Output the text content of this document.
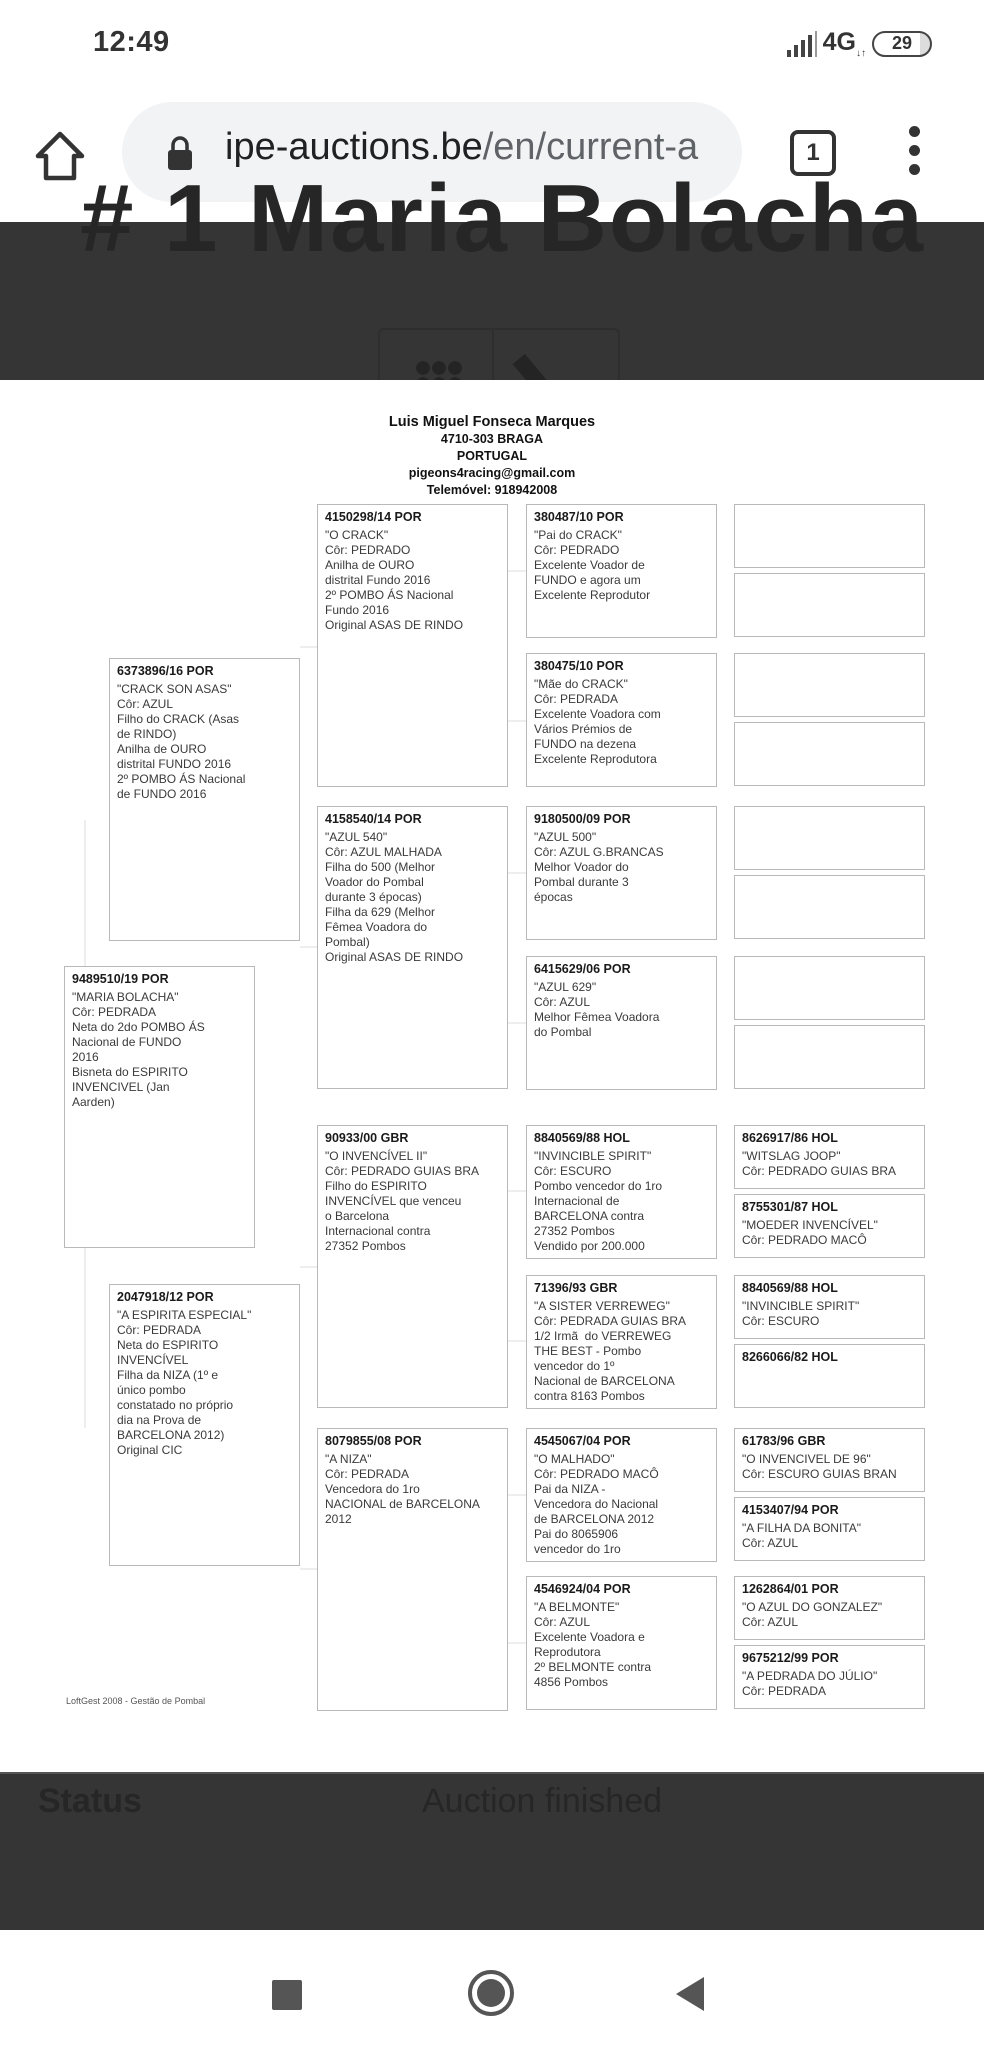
12:49	$4G_{↓↑}$
29
ipe-auctions.be/en/current-a	1
# 1 Maria Bolacha
Luis Miguel Fonseca Marques
4710-303 BRAGA
PORTUGAL
pigeons4racing@gmail.com
Telemóvel: 918942008
9489510/19 POR
"MARIA BOLACHA"
Côr: PEDRADA
Neta do 2do POMBO ÁS
Nacional de FUNDO
2016
Bisneta do ESPIRITO
INVENCIVEL (Jan
Aarden)
6373896/16 POR
"CRACK SON ASAS"
Côr: AZUL
Filho do CRACK (Asas
de RINDO)
Anilha de OURO
distrital FUNDO 2016
2º POMBO ÁS Nacional
de FUNDO 2016
2047918/12 POR
"A ESPIRITA ESPECIAL"
Côr: PEDRADA
Neta do ESPIRITO
INVENCÍVEL
Filha da NIZA (1º e
único pombo
constatado no próprio
dia na Prova de
BARCELONA 2012)
Original CIC
4150298/14 POR
"O CRACK"
Côr: PEDRADO
Anilha de OURO
distrital Fundo 2016
2º POMBO ÁS Nacional
Fundo 2016
Original ASAS DE RINDO
4158540/14 POR
"AZUL 540"
Côr: AZUL MALHADA
Filha do 500 (Melhor
Voador do Pombal
durante 3 épocas)
Filha da 629 (Melhor
Fêmea Voadora do
Pombal)
Original ASAS DE RINDO
90933/00 GBR
"O INVENCÍVEL II"
Côr: PEDRADO GUIAS BRA
Filho do ESPIRITO
INVENCÍVEL que venceu
o Barcelona
Internacional contra
27352 Pombos
8079855/08 POR
"A NIZA"
Côr: PEDRADA
Vencedora do 1ro
NACIONAL de BARCELONA
2012
380487/10 POR
"Pai do CRACK"
Côr: PEDRADO
Excelente Voador de
FUNDO e agora um
Excelente Reprodutor
380475/10 POR
"Mãe do CRACK"
Côr: PEDRADA
Excelente Voadora com
Vários Prémios de
FUNDO na dezena
Excelente Reprodutora
9180500/09 POR
"AZUL 500"
Côr: AZUL G.BRANCAS
Melhor Voador do
Pombal durante 3
épocas
6415629/06 POR
"AZUL 629"
Côr: AZUL
Melhor Fêmea Voadora
do Pombal
8840569/88 HOL
"INVINCIBLE SPIRIT"
Côr: ESCURO
Pombo vencedor do 1ro
Internacional de
BARCELONA contra
27352 Pombos
Vendido por 200.000
71396/93 GBR
"A SISTER VERREWEG"
Côr: PEDRADA GUIAS BRA
1/2 Irmã  do VERREWEG
THE BEST - Pombo
vencedor do 1º
Nacional de BARCELONA
contra 8163 Pombos
4545067/04 POR
"O MALHADO"
Côr: PEDRADO MACÔ
Pai da NIZA -
Vencedora do Nacional
de BARCELONA 2012
Pai do 8065906
vencedor do 1ro
4546924/04 POR
"A BELMONTE"
Côr: AZUL
Excelente Voadora e
Reprodutora
2º BELMONTE contra
4856 Pombos
8626917/86 HOL
"WITSLAG JOOP"
Côr: PEDRADO GUIAS BRA
8755301/87 HOL
"MOEDER INVENCÍVEL"
Côr: PEDRADO MACÔ
8840569/88 HOL
"INVINCIBLE SPIRIT"
Côr: ESCURO
8266066/82 HOL
61783/96 GBR
"O INVENCIVEL DE 96"
Côr: ESCURO GUIAS BRAN
4153407/94 POR
"A FILHA DA BONITA"
Côr: AZUL
1262864/01 POR
"O AZUL DO GONZALEZ"
Côr: AZUL
9675212/99 POR
"A PEDRADA DO JÚLIO"
Côr: PEDRADA
LoftGest 2008 - Gestão de Pombal
Status	Auction finished
